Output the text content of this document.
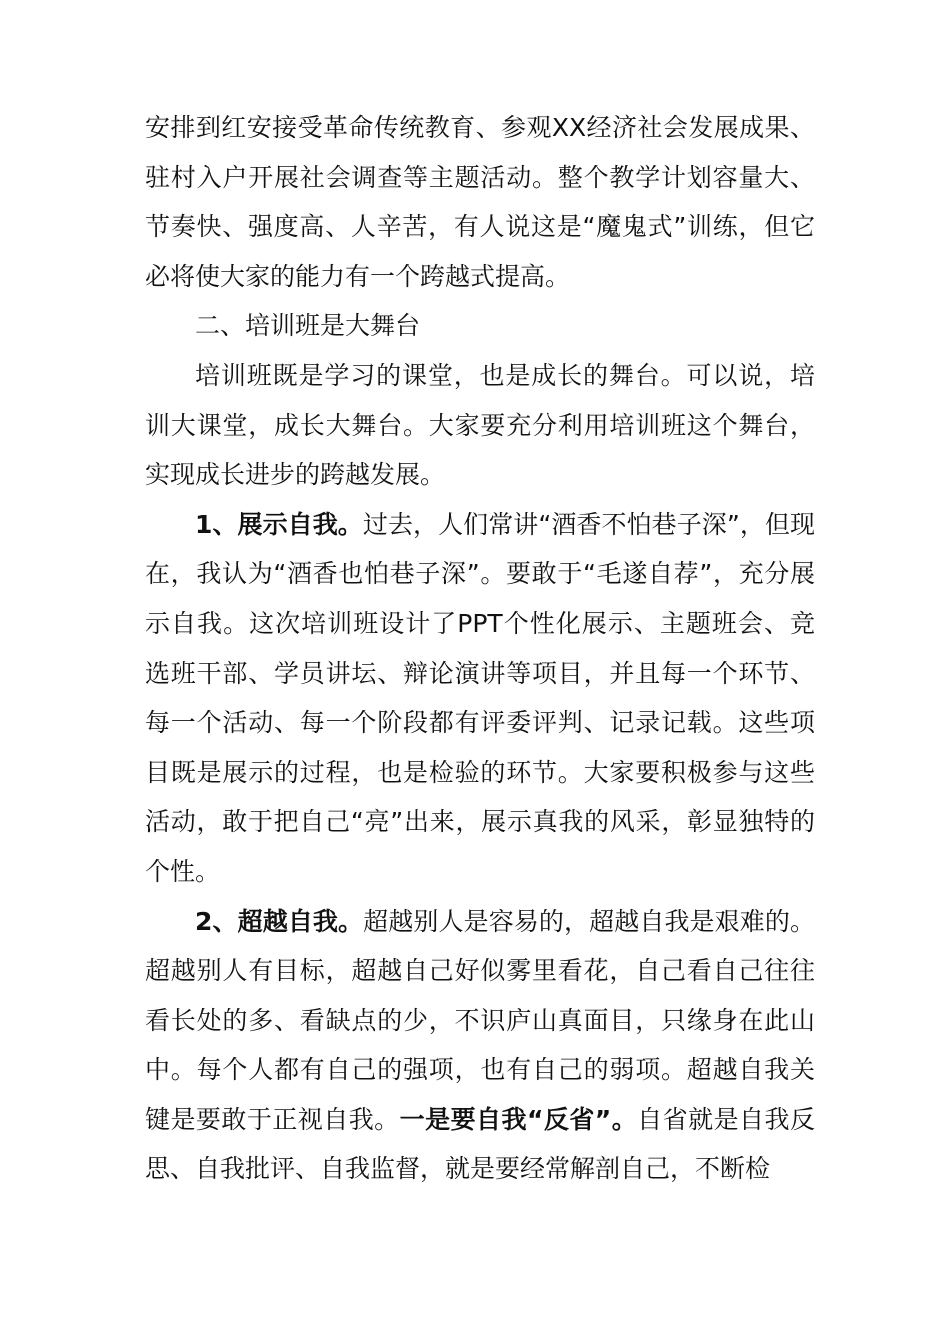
安排到红安接受革命传统教育、参观XX经济社会发展成果、驻村入户开展社会调查等主题活动。整个教学计划容量大、节奏快、强度高、人辛苦，有人说这是“魔鬼式”训练，但它必将使大家的能力有一个跨越式提高。

二、培训班是大舞台

培训班既是学习的课堂，也是成长的舞台。可以说，培训大课堂，成长大舞台。大家要充分利用培训班这个舞台，实现成长进步的跨越发展。

1、展示自我。过去，人们常讲“酒香不怕巷子深”，但现在，我认为“酒香也怕巷子深”。要敢于“毛遂自荐”，充分展示自我。这次培训班设计了PPT个性化展示、主题班会、竞选班干部、学员讲坛、辩论演讲等项目，并且每一个环节、每一个活动、每一个阶段都有评委评判、记录记载。这些项目既是展示的过程，也是检验的环节。大家要积极参与这些活动，敢于把自己“亮”出来，展示真我的风采，彰显独特的个性。

2、超越自我。超越别人是容易的，超越自我是艰难的。超越别人有目标，超越自己好似雾里看花，自己看自己往往看长处的多、看缺点的少，不识庐山真面目，只缘身在此山中。每个人都有自己的强项，也有自己的弱项。超越自我关键是要敢于正视自我。一是要自我“反省”。自省就是自我反思、自我批评、自我监督，就是要经常解剖自己，不断检
